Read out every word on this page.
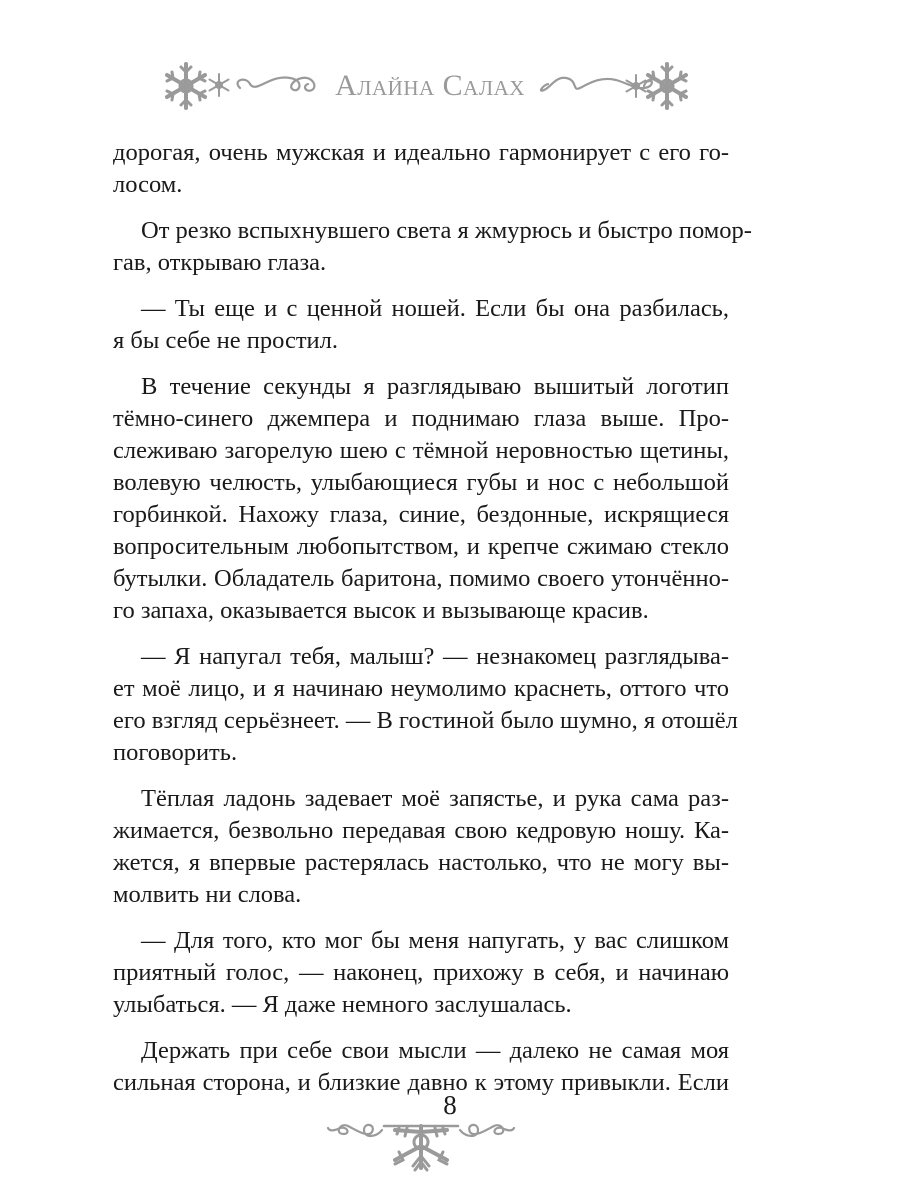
Алайна Салах

дорогая, очень мужская и идеально гармонирует с его го-
лосом.

От резко вспыхнувшего света я жмурюсь и быстро помор-
гав, открываю глаза.

— Ты еще и с ценной ношей. Если бы она разбилась,
я бы себе не простил.

В течение секунды я разглядываю вышитый логотип
тёмно-синего джемпера и поднимаю глаза выше. Про-
слеживаю загорелую шею с тёмной неровностью щетины,
волевую челюсть, улыбающиеся губы и нос с небольшой
горбинкой. Нахожу глаза, синие, бездонные, искрящиеся
вопросительным любопытством, и крепче сжимаю стекло
бутылки. Обладатель баритона, помимо своего утончённо-
го запаха, оказывается высок и вызывающе красив.

— Я напугал тебя, малыш? — незнакомец разглядыва-
ет моё лицо, и я начинаю неумолимо краснеть, оттого что
его взгляд серьёзнеет. — В гостиной было шумно, я отошёл
поговорить.

Тёплая ладонь задевает моё запястье, и рука сама раз-
жимается, безвольно передавая свою кедровую ношу. Ка-
жется, я впервые растерялась настолько, что не могу вы-
молвить ни слова.

— Для того, кто мог бы меня напугать, у вас слишком
приятный голос, — наконец, прихожу в себя, и начинаю
улыбаться. — Я даже немного заслушалась.

Держать при себе свои мысли — далеко не самая моя
сильная сторона, и близкие давно к этому привыкли. Если

8
